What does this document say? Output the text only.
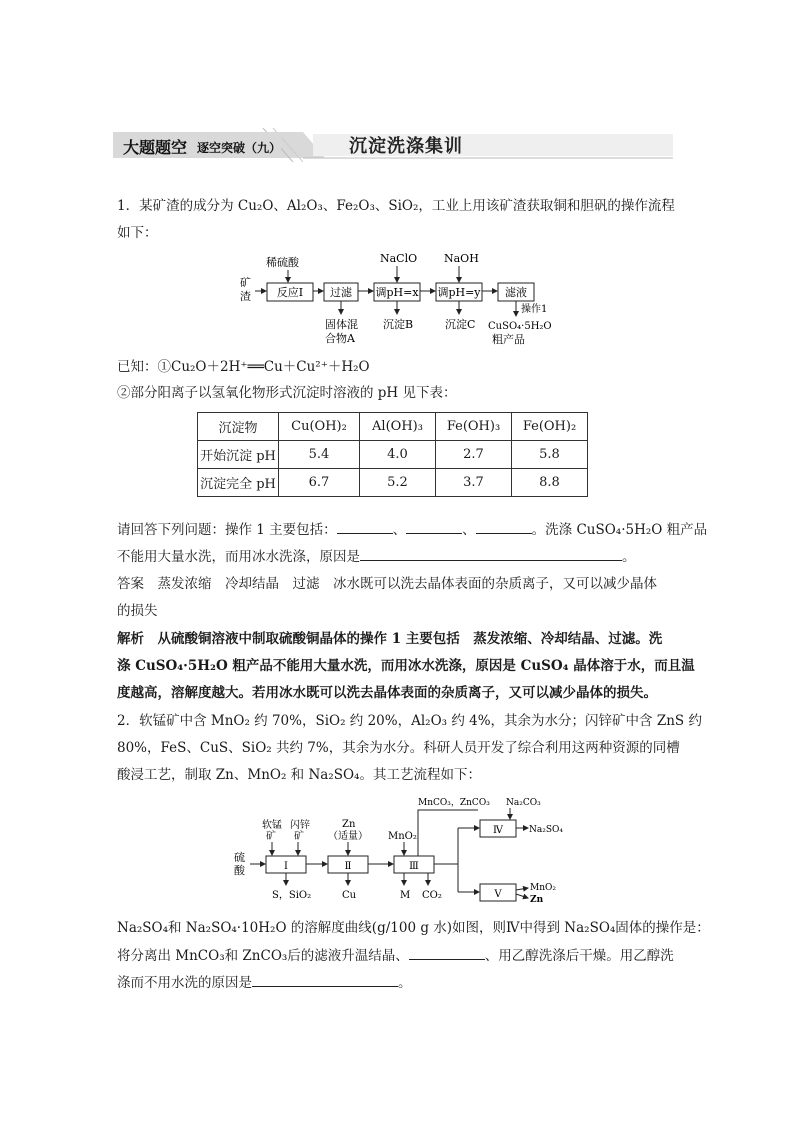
大题题空 逐空突破（九）	沉淀洗涤集训
1．某矿渣的成分为 Cu₂O、Al₂O₃、Fe₂O₃、SiO₂，工业上用该矿渣获取铜和胆矾的操作流程
如下：
矿
渣 反应Ⅰ
稀硫酸
过滤
固体混
合物A
调pH=x
NaClO
沉淀B
调pH=y
NaOH
沉淀C
滤液
操作1
CuSO₄·5H₂O
粗产品
已知：①Cu₂O＋2H⁺══Cu＋Cu²⁺＋H₂O
②部分阳离子以氢氧化物形式沉淀时溶液的 pH 见下表：
沉淀物	Cu(OH)₂	Al(OH)₃	Fe(OH)₃	Fe(OH)₂
开始沉淀 pH	5.4	4.0	2.7	5.8
沉淀完全 pH	6.7	5.2	3.7	8.8
请回答下列问题：操作 1 主要包括：	、	、	。洗涤 CuSO₄·5H₂O 粗产品
不能用大量水洗，而用冰水洗涤，原因是	。
答案　蒸发浓缩　冷却结晶　过滤　冰水既可以洗去晶体表面的杂质离子，又可以减少晶体
的损失
解析　从硫酸铜溶液中制取硫酸铜晶体的操作 1 主要包括　蒸发浓缩、冷却结晶、过滤。洗
涤 CuSO₄·5H₂O 粗产品不能用大量水洗，而用冰水洗涤，原因是 CuSO₄ 晶体溶于水，而且温
度越高，溶解度越大。若用冰水既可以洗去晶体表面的杂质离子，又可以减少晶体的损失。
2．软锰矿中含 MnO₂ 约 70%，SiO₂ 约 20%，Al₂O₃ 约 4%，其余为水分；闪锌矿中含 ZnS 约
80%，FeS、CuS、SiO₂ 共约 7%，其余为水分。科研人员开发了综合利用这两种资源的同槽
酸浸工艺，制取 Zn、MnO₂ 和 Na₂SO₄。其工艺流程如下：
硫
酸	Ⅰ
软锰
矿
闪锌
矿
S，SiO₂
Ⅱ
Zn
（适量）
Cu
Ⅲ
MnO₂
M CO₂
MnCO₃，ZnCO₃
Ⅳ
Na₂CO₃
Na₂SO₄
Ⅴ
MnO₂
Zn
Na₂SO₄和 Na₂SO₄·10H₂O 的溶解度曲线(g/100 g 水)如图，则Ⅳ中得到 Na₂SO₄固体的操作是：
将分离出 MnCO₃和 ZnCO₃后的滤液升温结晶、	、用乙醇洗涤后干燥。用乙醇洗
涤而不用水洗的原因是	。
